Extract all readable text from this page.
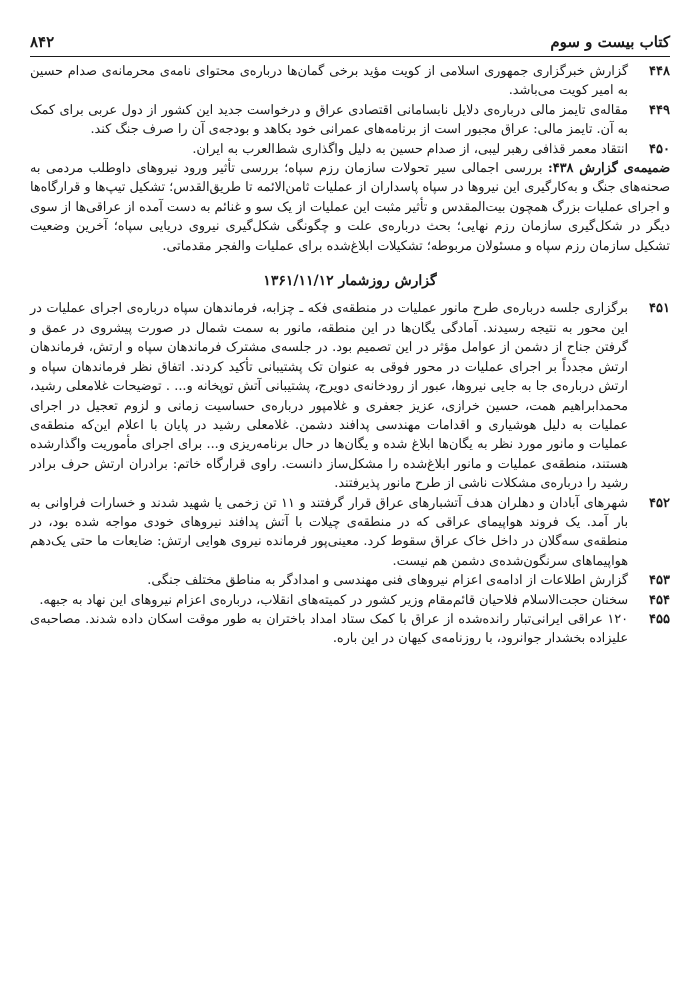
کتاب بیست و سوم
۸۴۲
۴۴۸
گزارش خبرگزاری جمهوری اسلامی از کویت مؤید برخی گمان‌ها درباره‌ی محتوای نامه‌ی محرمانه‌ی صدام حسین به امیر کویت می‌باشد.
۴۴۹
مقاله‌ی تایمز مالی درباره‌ی دلایل نابسامانی اقتصادی عراق و درخواست جدید این کشور از دول عربی برای کمک به آن. تایمز مالی: عراق مجبور است از برنامه‌های عمرانی خود بکاهد و بودجه‌ی آن را صرف جنگ کند.
۴۵۰
انتقاد معمر قذافی رهبر لیبی، از صدام حسین به دلیل واگذاری شط‌العرب به ایران.
ضمیمه‌ی گزارش ۴۳۸: بررسی اجمالی سیر تحولات سازمان رزم سپاه؛ بررسی تأثیر ورود نیروهای داوطلب مردمی به صحنه‌های جنگ و به‌کارگیری این نیروها در سپاه پاسداران از عملیات ثامن‌الائمه تا طریق‌القدس؛ تشکیل تیپ‌ها و قرارگاه‌ها و اجرای عملیات بزرگ همچون بیت‌المقدس و تأثیر مثبت این عملیات از یک سو و غنائم به دست آمده از عراقی‌ها از سوی دیگر در شکل‌گیری سازمان رزم نهایی؛ بحث درباره‌ی علت و چگونگی شکل‌گیری نیروی دریایی سپاه؛ آخرین وضعیت تشکیل سازمان رزم سپاه و مسئولان مربوطه؛ تشکیلات ابلاغ‌شده برای عملیات والفجر مقدماتی.
گزارش روزشمار ۱۳۶۱/۱۱/۱۲
۴۵۱
برگزاری جلسه درباره‌ی طرح مانور عملیات در منطقه‌ی فکه ـ چزابه، فرماندهان سپاه درباره‌ی اجرای عملیات در این محور به نتیجه رسیدند. آمادگی یگان‌ها در این منطقه، مانور به سمت شمال در صورت پیشروی در عمق و گرفتن جناح از دشمن از عوامل مؤثر در این تصمیم بود. در جلسه‌ی مشترک فرماندهان سپاه و ارتش، فرماندهان ارتش مجدداً بر اجرای عملیات در محور فوقی به عنوان تک پشتیبانی تأکید کردند. اتفاق نظر فرماندهان سپاه و ارتش درباره‌ی جا به جایی نیروها، عبور از رودخانه‌ی دویرج، پشتیبانی آتش توپخانه و... . توضیحات غلامعلی رشید، محمدابراهیم همت، حسین خرازی، عزیز جعفری و غلامپور درباره‌ی حساسیت زمانی و لزوم تعجیل در اجرای عملیات به دلیل هوشیاری و اقدامات مهندسی پدافند دشمن. غلامعلی رشید در پایان با اعلام این‌که منطقه‌ی عملیات و مانور مورد نظر به یگان‌ها ابلاغ شده و یگان‌ها در حال برنامه‌ریزی و... برای اجرای مأموریت واگذارشده هستند، منطقه‌ی عملیات و مانور ابلاغ‌شده را مشکل‌ساز دانست. راوی قرارگاه خاتم: برادران ارتش حرف برادر رشید را درباره‌ی مشکلات ناشی از طرح مانور پذیرفتند.
۴۵۲
شهرهای آبادان و دهلران هدف آتشبارهای عراق قرار گرفتند و ۱۱ تن زخمی یا شهید شدند و خسارات فراوانی به بار آمد. یک فروند هواپیمای عراقی که در منطقه‌ی چیلات با آتش پدافند نیروهای خودی مواجه شده بود، در منطقه‌ی سه‌گلان در داخل خاک عراق سقوط کرد. معینی‌پور فرمانده نیروی هوایی ارتش: ضایعات ما حتی یک‌دهم هواپیماهای سرنگون‌شده‌ی دشمن هم نیست.
۴۵۳
گزارش اطلاعات از ادامه‌ی اعزام نیروهای فنی مهندسی و امدادگر به مناطق مختلف جنگی.
۴۵۴
سخنان حجت‌الاسلام فلاحیان قائم‌مقام وزیر کشور در کمیته‌های انقلاب، درباره‌ی اعزام نیروهای این نهاد به جبهه.
۴۵۵
۱۲۰ عراقی ایرانی‌تبار رانده‌شده از عراق با کمک ستاد امداد باختران به طور موقت اسکان داده شدند. مصاحبه‌ی علیزاده بخشدار جوانرود، با روزنامه‌ی کیهان در این باره.
